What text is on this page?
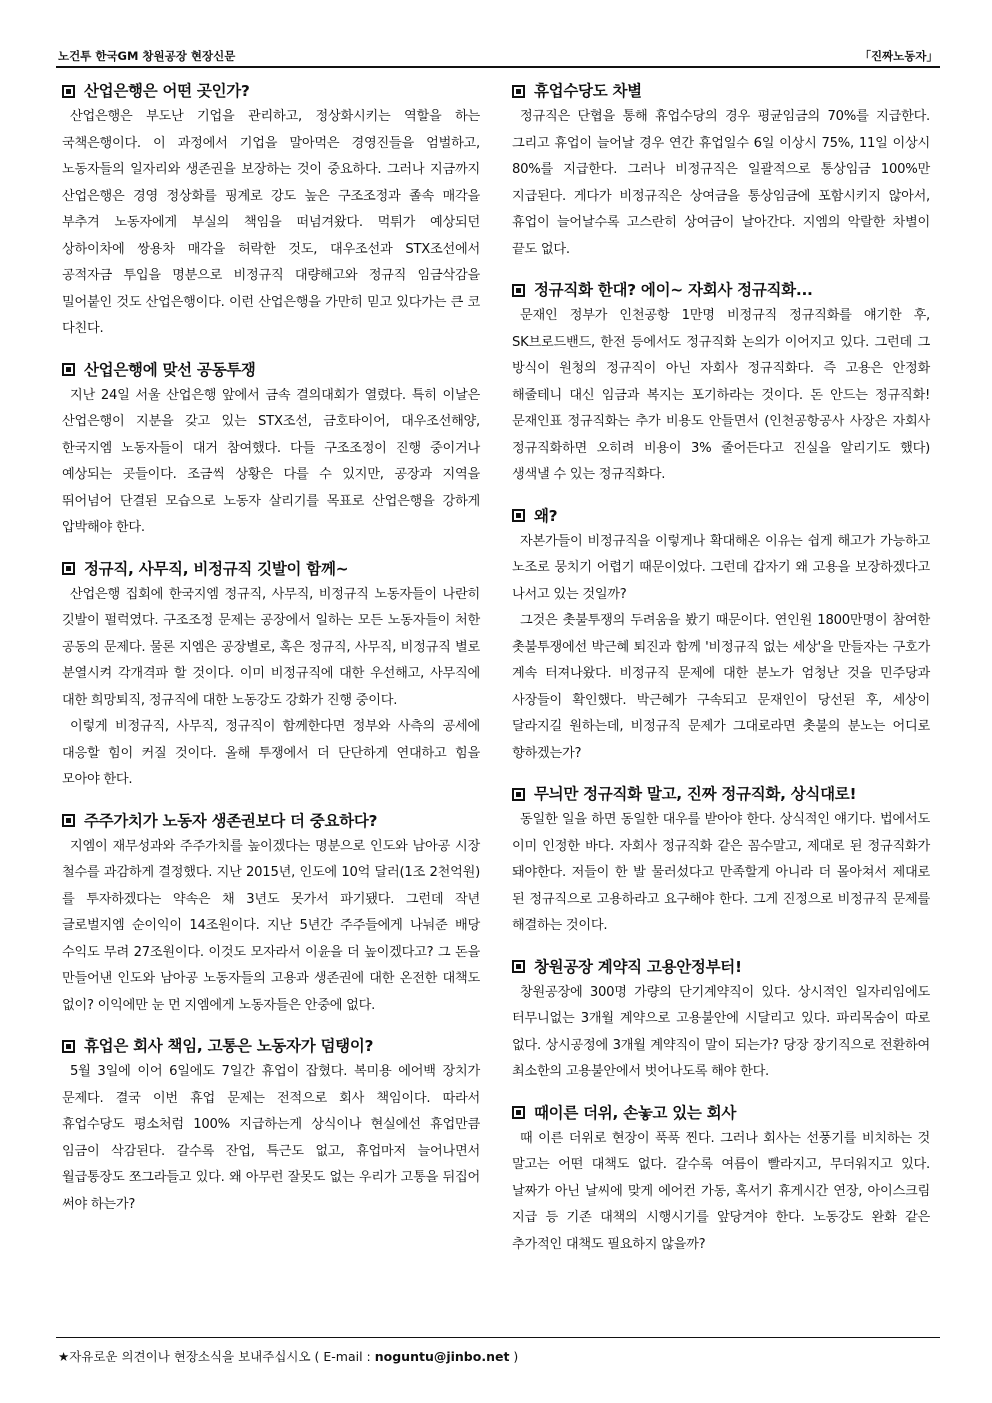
노건투 한국GM 창원공장 현장신문	「진짜노동자」
산업은행은 어떤 곳인가?

산업은행은 부도난 기업을 관리하고, 정상화시키는 역할을 하는 국책은행이다. 이 과정에서 기업을 말아먹은 경영진들을 엄벌하고, 노동자들의 일자리와 생존권을 보장하는 것이 중요하다. 그러나 지금까지 산업은행은 경영 정상화를 핑계로 강도 높은 구조조정과 졸속 매각을 부추겨 노동자에게 부실의 책임을 떠넘겨왔다. 먹튀가 예상되던 상하이차에 쌍용차 매각을 허락한 것도, 대우조선과 STX조선에서 공적자금 투입을 명분으로 비정규직 대량해고와 정규직 임금삭감을 밀어붙인 것도 산업은행이다. 이런 산업은행을 가만히 믿고 있다가는 큰 코 다친다.

산업은행에 맞선 공동투쟁

지난 24일 서울 산업은행 앞에서 금속 결의대회가 열렸다. 특히 이날은 산업은행이 지분을 갖고 있는 STX조선, 금호타이어, 대우조선해양, 한국지엠 노동자들이 대거 참여했다. 다들 구조조정이 진행 중이거나 예상되는 곳들이다. 조금씩 상황은 다를 수 있지만, 공장과 지역을 뛰어넘어 단결된 모습으로 노동자 살리기를 목표로 산업은행을 강하게 압박해야 한다.

정규직, 사무직, 비정규직 깃발이 함께~

산업은행 집회에 한국지엠 정규직, 사무직, 비정규직 노동자들이 나란히 깃발이 펄럭였다. 구조조정 문제는 공장에서 일하는 모든 노동자들이 처한 공동의 문제다. 물론 지엠은 공장별로, 혹은 정규직, 사무직, 비정규직 별로 분열시켜 각개격파 할 것이다. 이미 비정규직에 대한 우선해고, 사무직에 대한 희망퇴직, 정규직에 대한 노동강도 강화가 진행 중이다.

이렇게 비정규직, 사무직, 정규직이 함께한다면 정부와 사측의 공세에 대응할 힘이 커질 것이다. 올해 투쟁에서 더 단단하게 연대하고 힘을 모아야 한다.

주주가치가 노동자 생존권보다 더 중요하다?

지엠이 재무성과와 주주가치를 높이겠다는 명분으로 인도와 남아공 시장 철수를 과감하게 결정했다. 지난 2015년, 인도에 10억 달러(1조 2천억원)를 투자하겠다는 약속은 채 3년도 못가서 파기됐다. 그런데 작년 글로벌지엠 순이익이 14조원이다. 지난 5년간 주주들에게 나눠준 배당 수익도 무려 27조원이다. 이것도 모자라서 이윤을 더 높이겠다고? 그 돈을 만들어낸 인도와 남아공 노동자들의 고용과 생존권에 대한 온전한 대책도 없이? 이익에만 눈 먼 지엠에게 노동자들은 안중에 없다.

휴업은 회사 책임, 고통은 노동자가 덤탱이?

5월 3일에 이어 6일에도 7일간 휴업이 잡혔다. 복미용 에어백 장치가 문제다. 결국 이번 휴업 문제는 전적으로 회사 책임이다. 따라서 휴업수당도 평소처럼 100% 지급하는게 상식이나 현실에선 휴업만큼 임금이 삭감된다. 갈수록 잔업, 특근도 없고, 휴업마저 늘어나면서 월급통장도 쪼그라들고 있다. 왜 아무런 잘못도 없는 우리가 고통을 뒤집어 써야 하는가?

휴업수당도 차별

정규직은 단협을 통해 휴업수당의 경우 평균임금의 70%를 지급한다. 그리고 휴업이 늘어날 경우 연간 휴업일수 6일 이상시 75%, 11일 이상시 80%를 지급한다. 그러나 비정규직은 일괄적으로 통상임금 100%만 지급된다. 게다가 비정규직은 상여금을 통상임금에 포함시키지 않아서, 휴업이 늘어날수록 고스란히 상여금이 날아간다. 지엠의 악랄한 차별이 끝도 없다.

정규직화 한대? 에이~ 자회사 정규직화...

문재인 정부가 인천공항 1만명 비정규직 정규직화를 얘기한 후, SK브로드밴드, 한전 등에서도 정규직화 논의가 이어지고 있다. 그런데 그 방식이 원청의 정규직이 아닌 자회사 정규직화다. 즉 고용은 안정화 해줄테니 대신 임금과 복지는 포기하라는 것이다. 돈 안드는 정규직화! 문재인표 정규직화는 추가 비용도 안들면서 (인천공항공사 사장은 자회사 정규직화하면 오히려 비용이 3% 줄어든다고 진실을 알리기도 했다) 생색낼 수 있는 정규직화다.

왜?

자본가들이 비정규직을 이렇게나 확대해온 이유는 쉽게 해고가 가능하고 노조로 뭉치기 어렵기 때문이었다. 그런데 갑자기 왜 고용을 보장하겠다고 나서고 있는 것일까?

그것은 촛불투쟁의 두려움을 봤기 때문이다. 연인원 1800만명이 참여한 촛불투쟁에선 박근혜 퇴진과 함께 '비정규직 없는 세상'을 만들자는 구호가 계속 터져나왔다. 비정규직 문제에 대한 분노가 엄청난 것을 민주당과 사장들이 확인했다. 박근혜가 구속되고 문재인이 당선된 후, 세상이 달라지길 원하는데, 비정규직 문제가 그대로라면 촛불의 분노는 어디로 향하겠는가?

무늬만 정규직화 말고, 진짜 정규직화, 상식대로!

동일한 일을 하면 동일한 대우를 받아야 한다. 상식적인 얘기다. 법에서도 이미 인정한 바다. 자회사 정규직화 같은 꼼수말고, 제대로 된 정규직화가 돼야한다. 저들이 한 발 물러섰다고 만족할게 아니라 더 몰아쳐서 제대로 된 정규직으로 고용하라고 요구해야 한다. 그게 진정으로 비정규직 문제를 해결하는 것이다.

창원공장 계약직 고용안정부터!

창원공장에 300명 가량의 단기계약직이 있다. 상시적인 일자리임에도 터무니없는 3개월 계약으로 고용불안에 시달리고 있다. 파리목숨이 따로 없다. 상시공정에 3개월 계약직이 말이 되는가? 당장 장기직으로 전환하여 최소한의 고용불안에서 벗어나도록 해야 한다.

때이른 더위, 손놓고 있는 회사

때 이른 더위로 현장이 푹푹 찐다. 그러나 회사는 선풍기를 비치하는 것 말고는 어떤 대책도 없다. 갈수록 여름이 빨라지고, 무더워지고 있다. 날짜가 아닌 날씨에 맞게 에어컨 가동, 혹서기 휴게시간 연장, 아이스크림 지급 등 기존 대책의 시행시기를 앞당겨야 한다. 노동강도 완화 같은 추가적인 대책도 필요하지 않을까?

★자유로운 의견이나 현장소식을 보내주십시오 ( E-mail : noguntu@jinbo.net )
